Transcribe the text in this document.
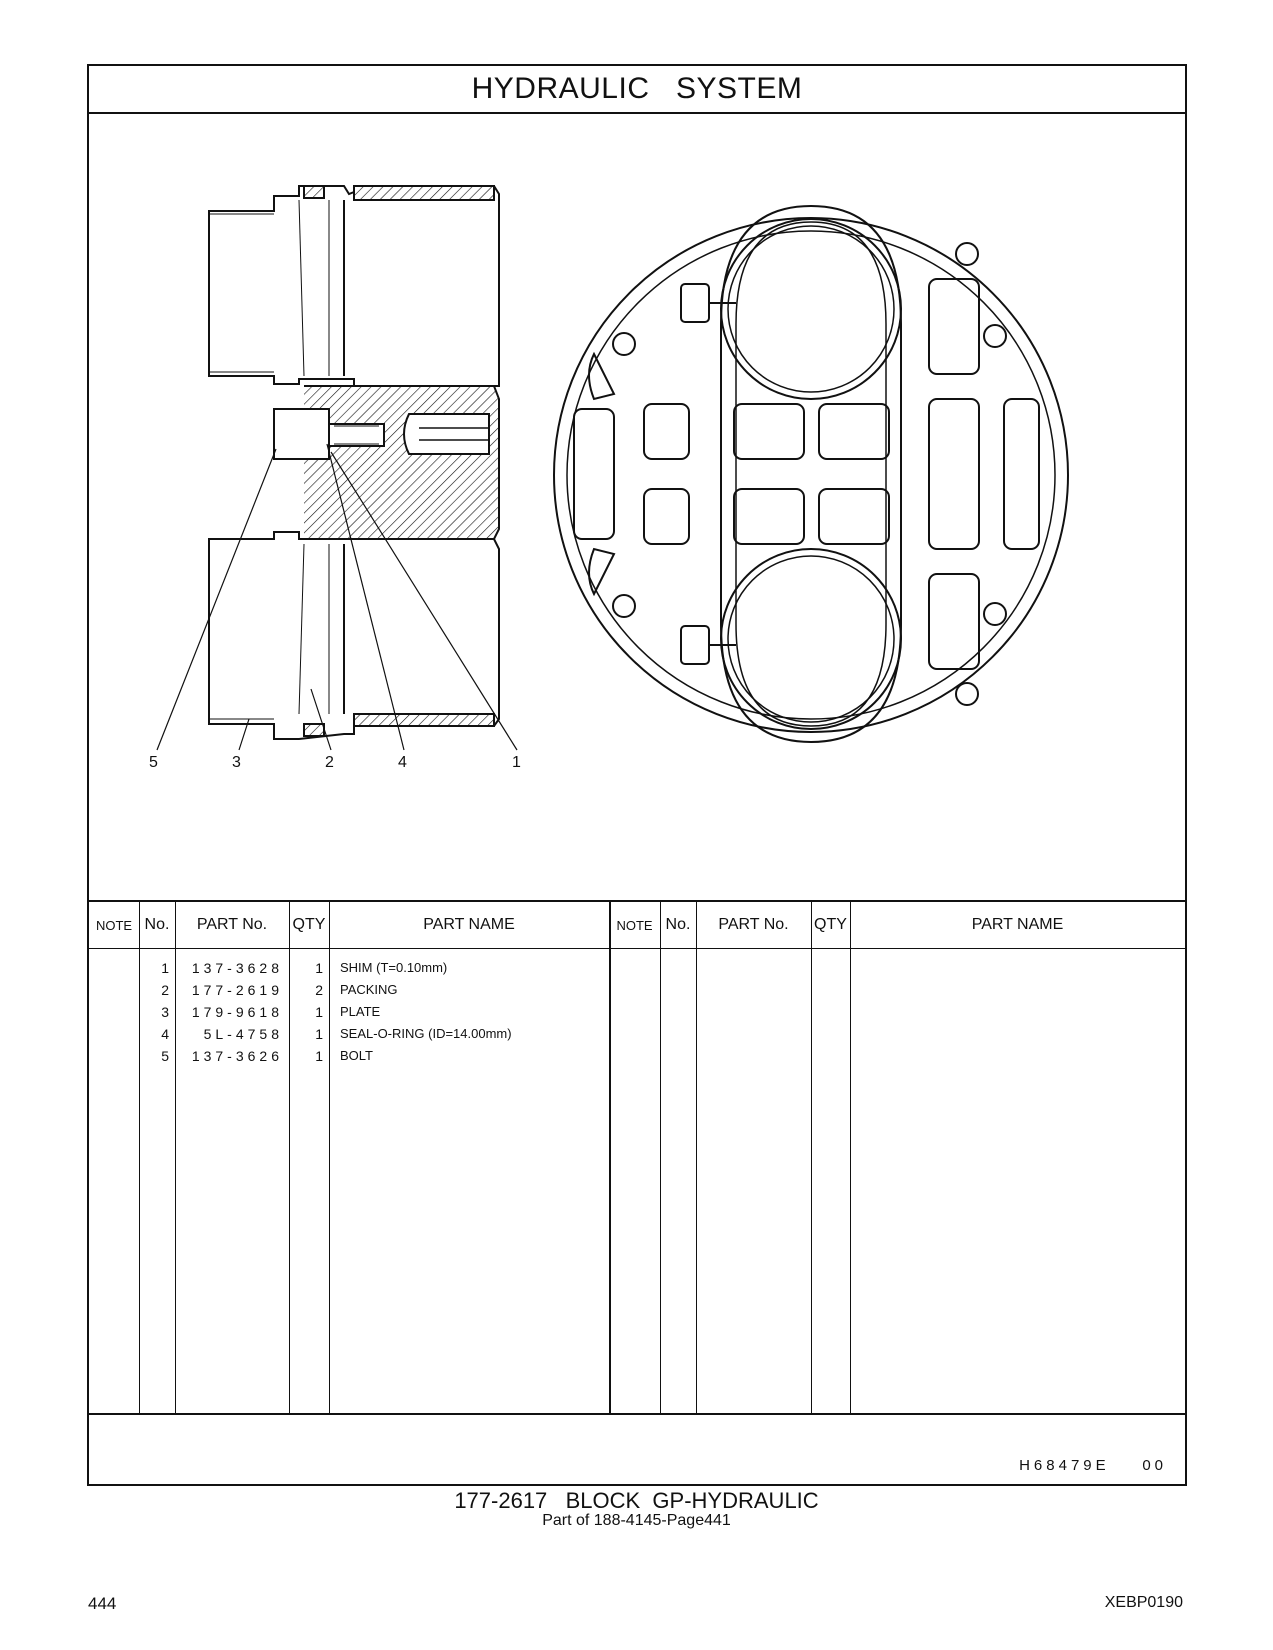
HYDRAULIC   SYSTEM
5	3	2	4	1
NOTE No.	PART No.	QTY	PART NAME	NOTE No.	PART No.	QTY	PART NAME
1	137-3628	1 SHIM (T=0.10mm)
2	177-2619	2 PACKING
3	179-9618	1 PLATE
4	5L-4758	1 SEAL-O-RING (ID=14.00mm)
5	137-3626	1 BOLT
H68479E    00
177-2617   BLOCK  GP-HYDRAULIC
Part of 188-4145-Page441
444	XEBP0190
